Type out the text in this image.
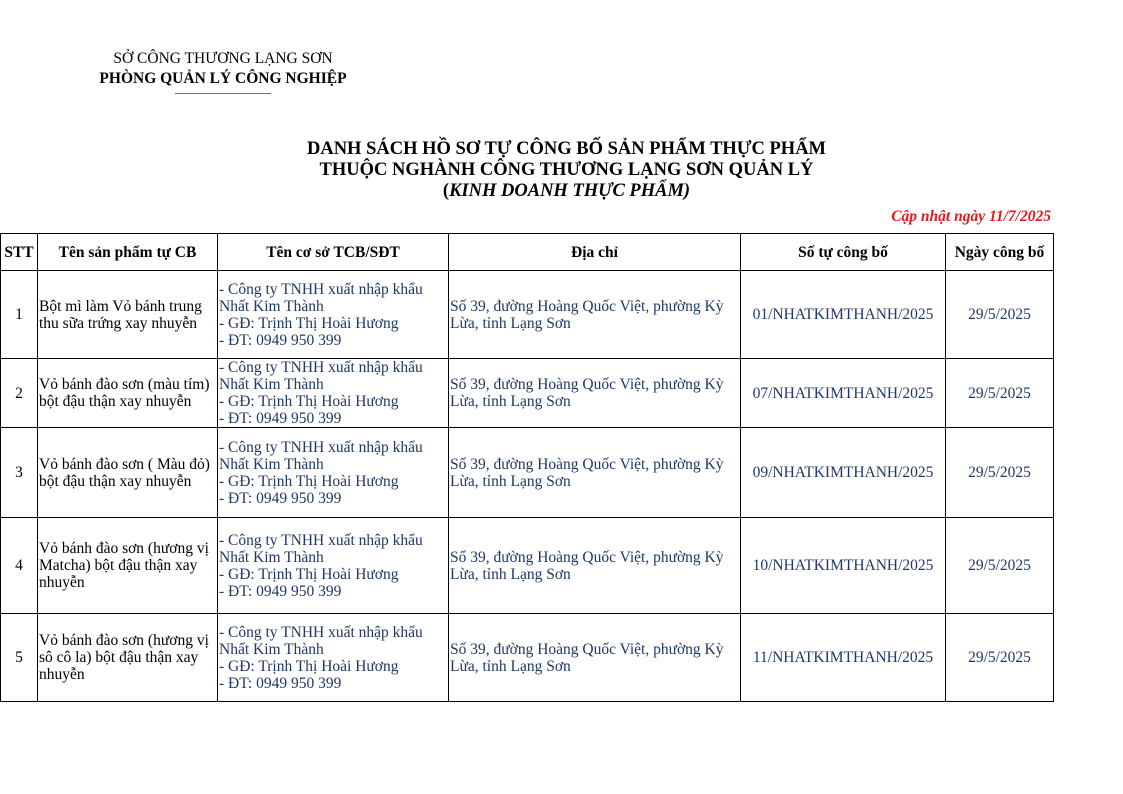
SỞ CÔNG THƯƠNG LẠNG SƠN
PHÒNG QUẢN LÝ CÔNG NGHIỆP
DANH SÁCH HỒ SƠ TỰ CÔNG BỐ SẢN PHẨM THỰC PHẨM
THUỘC NGHÀNH CÔNG THƯƠNG LẠNG SƠN QUẢN LÝ
(KINH DOANH THỰC PHẨM)
Cập nhật ngày 11/7/2025
STT	Tên sản phẩm tự CB	Tên cơ sở TCB/SĐT	Địa chỉ	Số tự công bố	Ngày công bố
1	Bột mì làm Vỏ bánh trung thu sữa trứng xay nhuyễn	- Công ty TNHH xuất nhập khẩu Nhất Kim Thành
- GĐ: Trịnh Thị Hoài Hương
- ĐT: 0949 950 399	Số 39, đường Hoàng Quốc Việt, phường Kỳ Lừa, tỉnh Lạng Sơn	01/NHATKIMTHANH/2025	29/5/2025
2	Vỏ bánh đào sơn (màu tím) bột đậu thận xay nhuyễn	- Công ty TNHH xuất nhập khẩu Nhất Kim Thành
- GĐ: Trịnh Thị Hoài Hương
- ĐT: 0949 950 399	Số 39, đường Hoàng Quốc Việt, phường Kỳ Lừa, tỉnh Lạng Sơn	07/NHATKIMTHANH/2025	29/5/2025
3	Vỏ bánh đào sơn ( Màu đỏ) bột đậu thận xay nhuyễn	- Công ty TNHH xuất nhập khẩu Nhất Kim Thành
- GĐ: Trịnh Thị Hoài Hương
- ĐT: 0949 950 399	Số 39, đường Hoàng Quốc Việt, phường Kỳ Lừa, tỉnh Lạng Sơn	09/NHATKIMTHANH/2025	29/5/2025
4	Vỏ bánh đào sơn (hương vị Matcha) bột đậu thận xay nhuyễn	- Công ty TNHH xuất nhập khẩu Nhất Kim Thành
- GĐ: Trịnh Thị Hoài Hương
- ĐT: 0949 950 399	Số 39, đường Hoàng Quốc Việt, phường Kỳ Lừa, tỉnh Lạng Sơn	10/NHATKIMTHANH/2025	29/5/2025
5	Vỏ bánh đào sơn (hương vị sô cô la) bột đậu thận xay nhuyễn	- Công ty TNHH xuất nhập khẩu Nhất Kim Thành
- GĐ: Trịnh Thị Hoài Hương
- ĐT: 0949 950 399	Số 39, đường Hoàng Quốc Việt, phường Kỳ Lừa, tỉnh Lạng Sơn	11/NHATKIMTHANH/2025	29/5/2025
